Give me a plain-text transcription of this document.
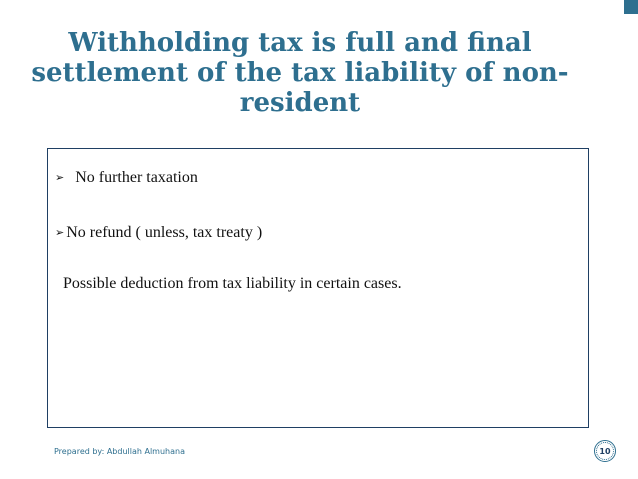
Withholding tax is full and final
settlement of the tax liability of non-
resident
➢ No further taxation
➢ No refund ( unless, tax treaty )
Possible deduction from tax liability in certain cases.
Prepared by: Abdullah Almuhana	10
